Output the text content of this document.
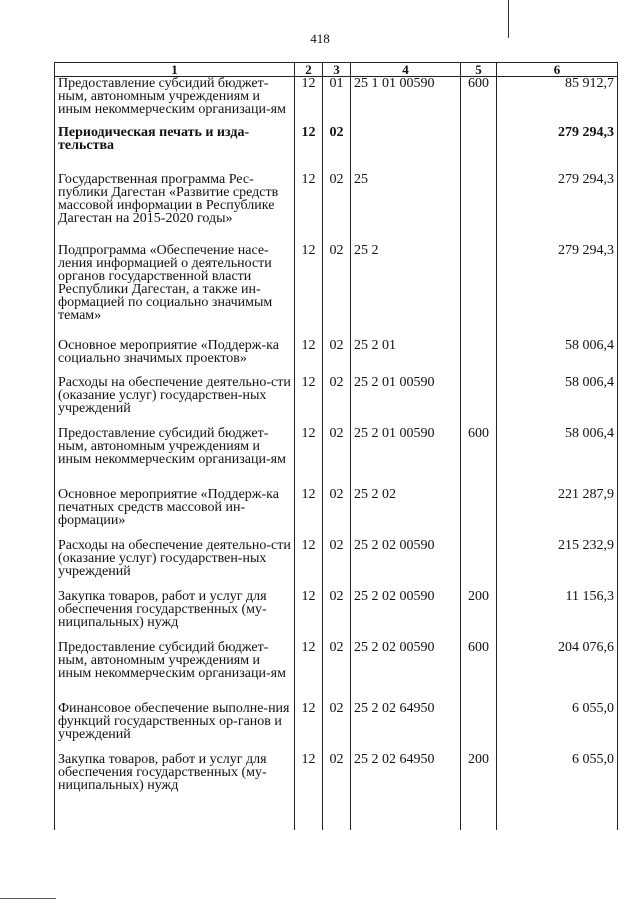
418
1	2	3	4	5	6
Предоставление субсидий бюджет-ным, автономным учреждениям и иным некоммерческим организаци-ям	12	01	25 1 01 00590	600	85 912,7
Периодическая печать и изда-тельства	12	02			279 294,3
Государственная программа Рес-публики Дагестан «Развитие средств массовой информации в Республике Дагестан на 2015-2020 годы»	12	02	25		279 294,3
Подпрограмма «Обеспечение насе-ления информацией о деятельности органов государственной власти Республики Дагестан, а также ин-формацией по социально значимым темам»	12	02	25 2		279 294,3
Основное мероприятие «Поддерж-ка социально значимых проектов»	12	02	25 2 01		58 006,4
Расходы на обеспечение деятельно-сти (оказание услуг) государствен-ных учреждений	12	02	25 2 01 00590		58 006,4
Предоставление субсидий бюджет-ным, автономным учреждениям и иным некоммерческим организаци-ям	12	02	25 2 01 00590	600	58 006,4
Основное мероприятие «Поддерж-ка печатных средств массовой ин-формации»	12	02	25 2 02		221 287,9
Расходы на обеспечение деятельно-сти (оказание услуг) государствен-ных учреждений	12	02	25 2 02 00590		215 232,9
Закупка товаров, работ и услуг для обеспечения государственных (му-ниципальных) нужд	12	02	25 2 02 00590	200	11 156,3
Предоставление субсидий бюджет-ным, автономным учреждениям и иным некоммерческим организаци-ям	12	02	25 2 02 00590	600	204 076,6
Финансовое обеспечение выполне-ния функций государственных ор-ганов и учреждений	12	02	25 2 02 64950		6 055,0
Закупка товаров, работ и услуг для обеспечения государственных (му-ниципальных) нужд	12	02	25 2 02 64950	200	6 055,0
